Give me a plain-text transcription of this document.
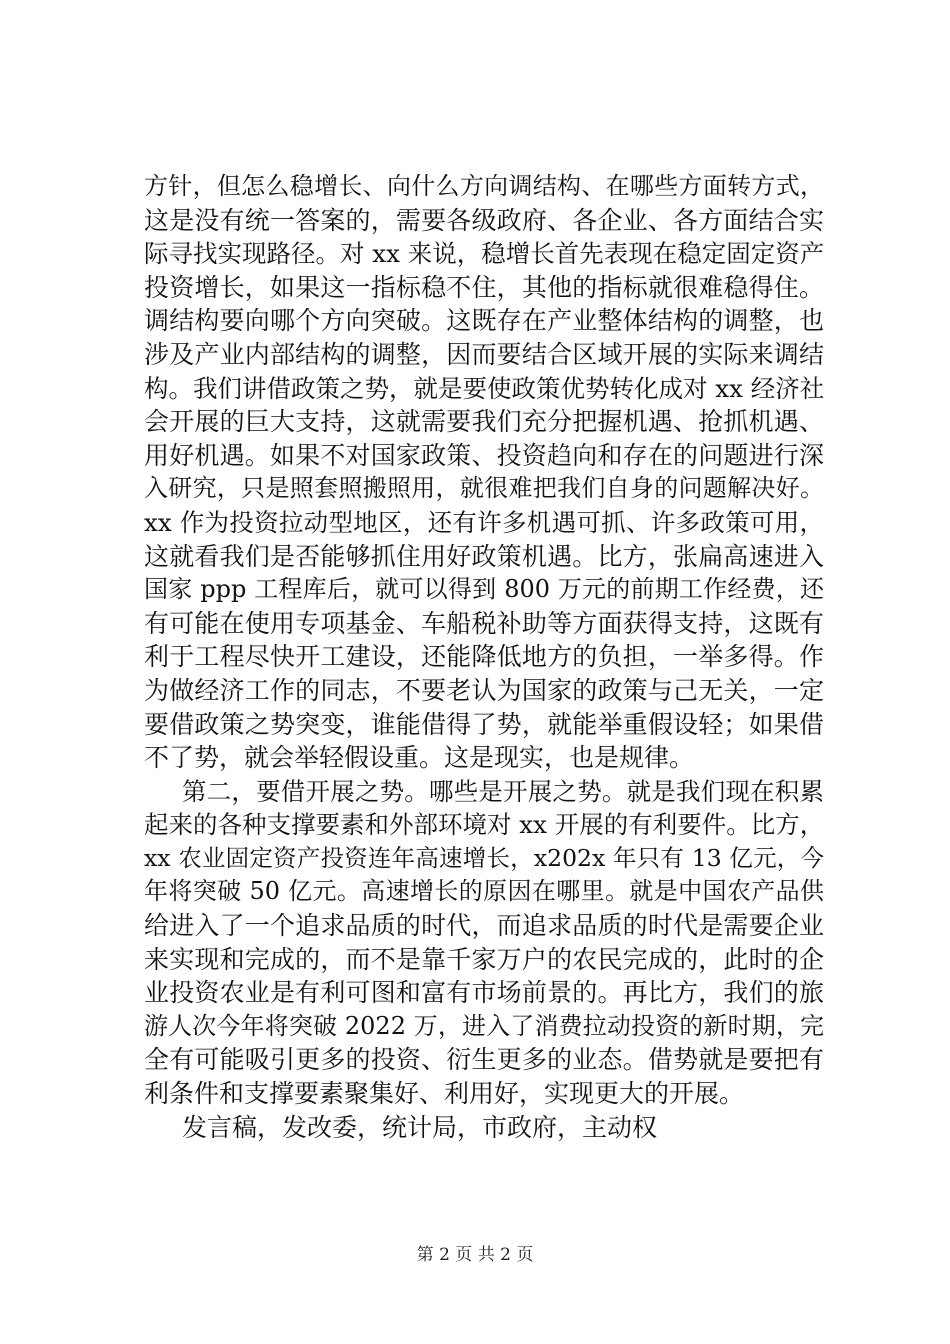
方针，但怎么稳增长、向什么方向调结构、在哪些方面转方式，
这是没有统一答案的，需要各级政府、各企业、各方面结合实
际寻找实现路径。对 xx 来说，稳增长首先表现在稳定固定资产
投资增长，如果这一指标稳不住，其他的指标就很难稳得住。
调结构要向哪个方向突破。这既存在产业整体结构的调整，也
涉及产业内部结构的调整，因而要结合区域开展的实际来调结
构。我们讲借政策之势，就是要使政策优势转化成对 xx 经济社
会开展的巨大支持，这就需要我们充分把握机遇、抢抓机遇、
用好机遇。如果不对国家政策、投资趋向和存在的问题进行深
入研究，只是照套照搬照用，就很难把我们自身的问题解决好。
xx 作为投资拉动型地区，还有许多机遇可抓、许多政策可用，
这就看我们是否能够抓住用好政策机遇。比方，张扁高速进入
国家 ppp 工程库后，就可以得到 800 万元的前期工作经费，还
有可能在使用专项基金、车船税补助等方面获得支持，这既有
利于工程尽快开工建设，还能降低地方的负担，一举多得。作
为做经济工作的同志，不要老认为国家的政策与己无关，一定
要借政策之势突变，谁能借得了势，就能举重假设轻；如果借
不了势，就会举轻假设重。这是现实，也是规律。
第二，要借开展之势。哪些是开展之势。就是我们现在积累
起来的各种支撑要素和外部环境对 xx 开展的有利要件。比方，
xx 农业固定资产投资连年高速增长，x202x 年只有 13 亿元，今
年将突破 50 亿元。高速增长的原因在哪里。就是中国农产品供
给进入了一个追求品质的时代，而追求品质的时代是需要企业
来实现和完成的，而不是靠千家万户的农民完成的，此时的企
业投资农业是有利可图和富有市场前景的。再比方，我们的旅
游人次今年将突破 2022 万，进入了消费拉动投资的新时期，完
全有可能吸引更多的投资、衍生更多的业态。借势就是要把有
利条件和支撑要素聚集好、利用好，实现更大的开展。
发言稿，发改委，统计局，市政府，主动权
第 2 页 共 2 页
